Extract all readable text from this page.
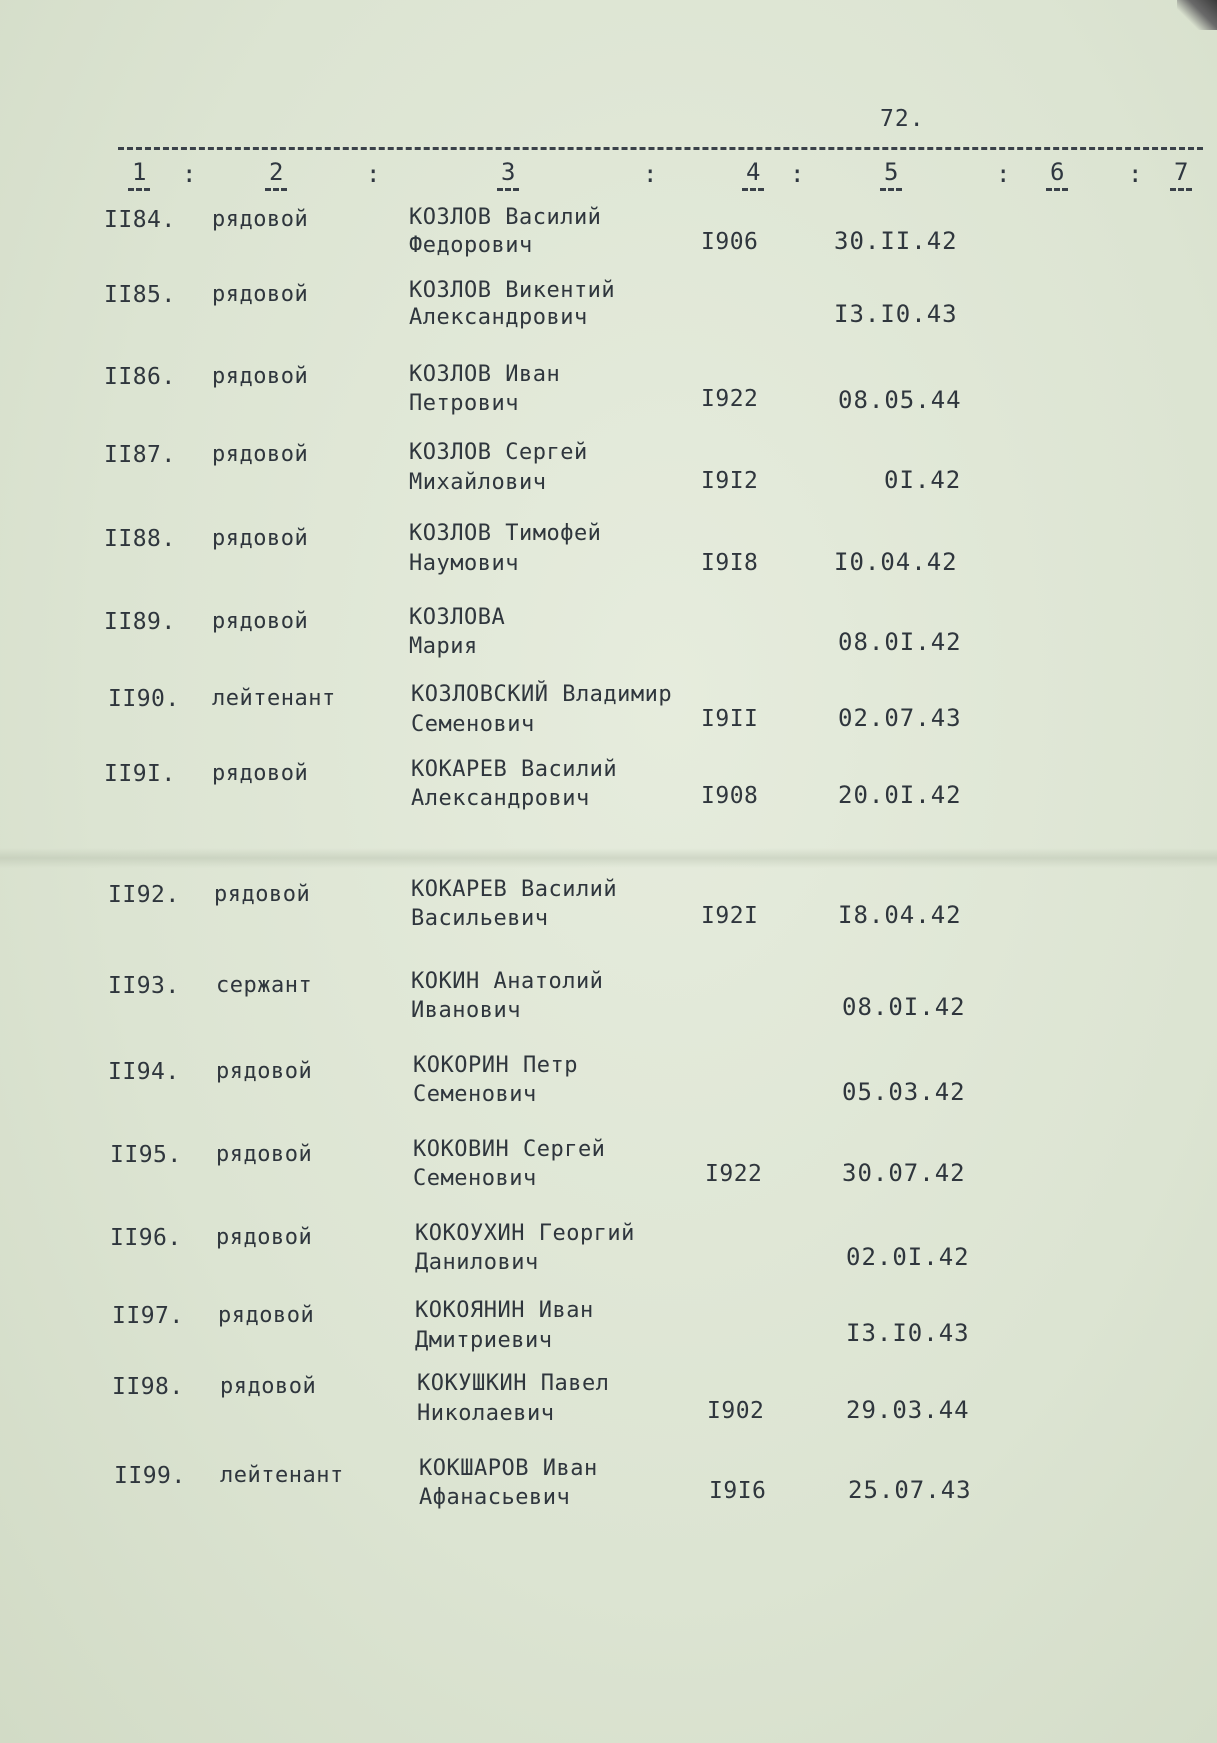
72.
1 :	2	:	3	:	4 :	5	: 6	: 7
II84. рядовой	КОЗЛОВ Василий
Федорович	I906	30.II.42
II85. рядовой	КОЗЛОВ Викентий
Александрович	I3.I0.43
II86. рядовой	КОЗЛОВ Иван
Петрович	I922	08.05.44
II87. рядовой	КОЗЛОВ Сергей
Михайлович	I9I2	0I.42
II88. рядовой	КОЗЛОВ Тимофей
Наумович	I9I8	I0.04.42
II89. рядовой	КОЗЛОВА
Мария	08.0I.42
II90. лейтенант	КОЗЛОВСКИЙ Владимир
Семенович	I9II	02.07.43
II9I. рядовой	КОКАРЕВ Василий
Александрович	I908	20.0I.42
II92. рядовой	КОКАРЕВ Василий
Васильевич	I92I	I8.04.42
II93. сержант	КОКИН Анатолий
Иванович	08.0I.42
II94. рядовой	КОКОРИН Петр
Семенович	05.03.42
II95. рядовой	КОКОВИН Сергей
Семенович	I922	30.07.42
II96. рядовой	КОКОУХИН Георгий
Данилович	02.0I.42
II97. рядовой	КОКОЯНИН Иван
Дмитриевич	I3.I0.43
II98. рядовой	КОКУШКИН Павел
Николаевич	I902	29.03.44
II99. лейтенант	КОКШАРОВ Иван
Афанасьевич	I9I6	25.07.43
